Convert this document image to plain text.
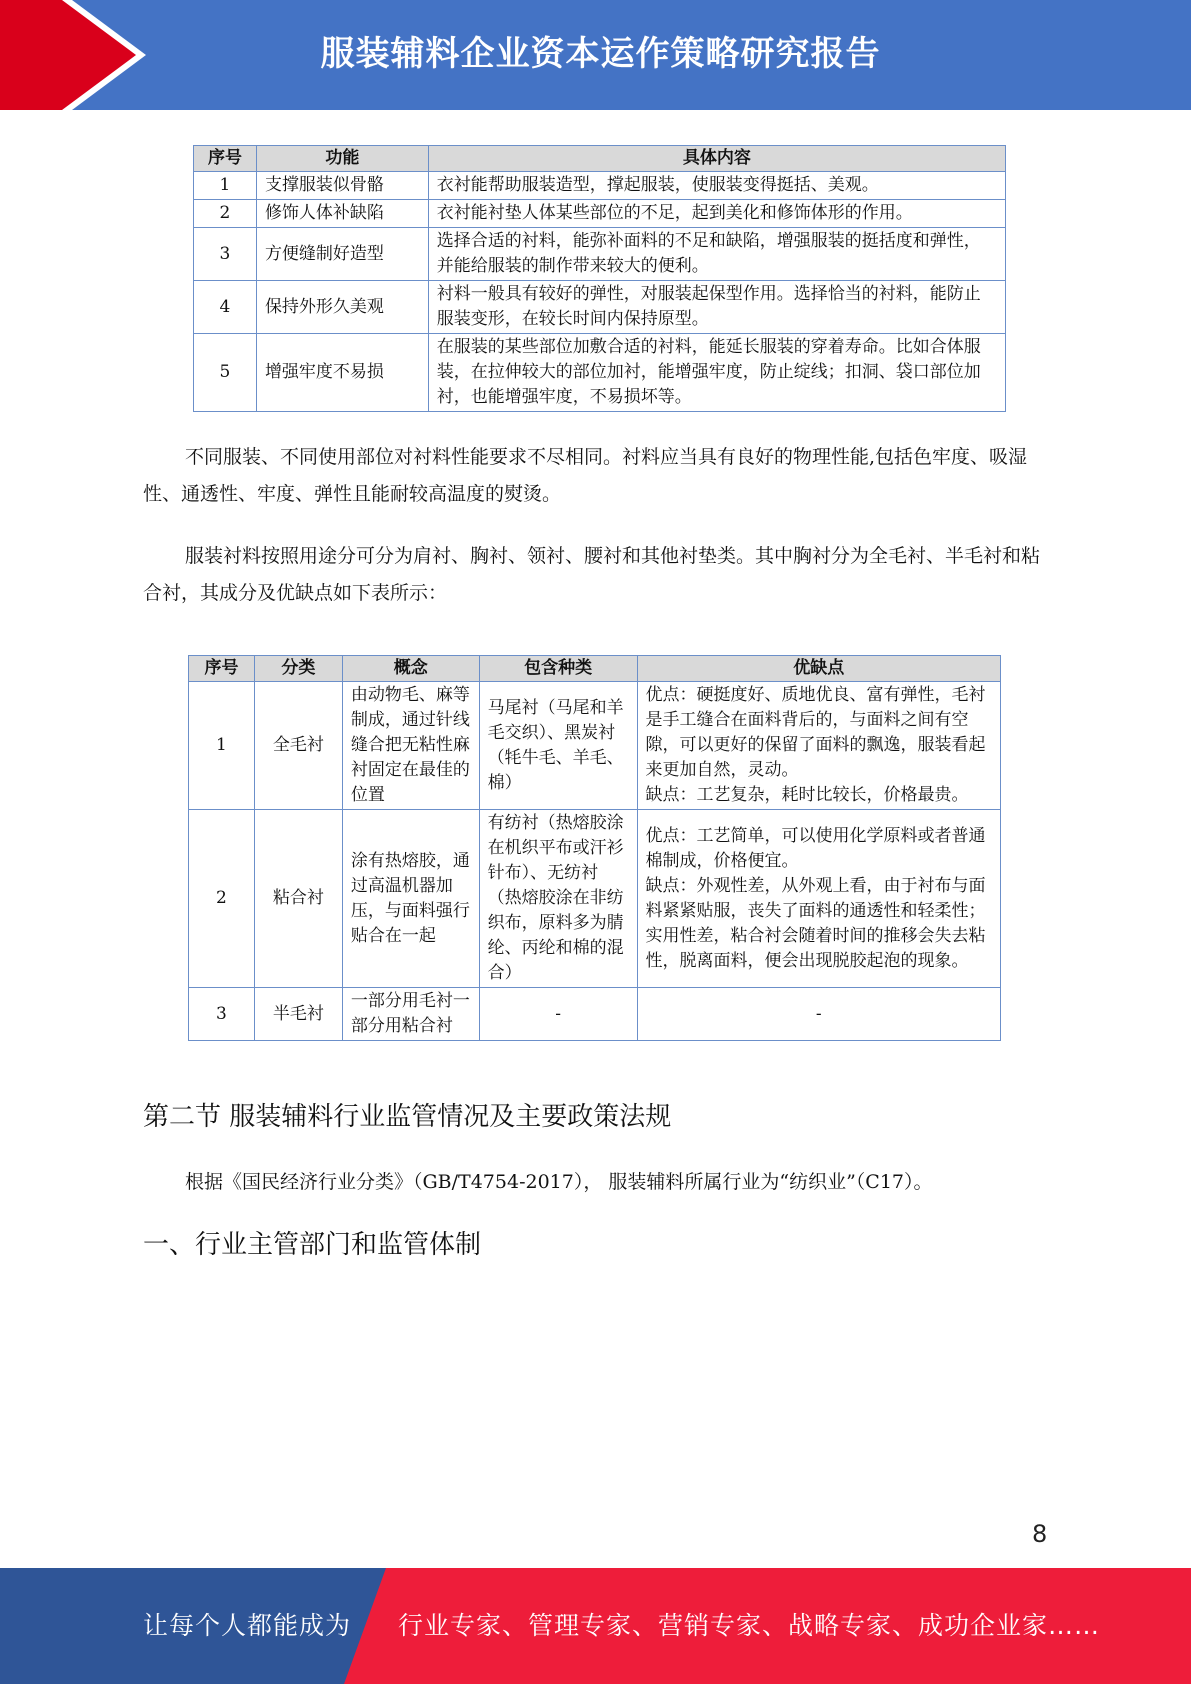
服装辅料企业资本运作策略研究报告
序号	功能	具体内容
1	支撑服装似骨骼	衣衬能帮助服装造型，撑起服装，使服装变得挺括、美观。
2	修饰人体补缺陷	衣衬能衬垫人体某些部位的不足，起到美化和修饰体形的作用。
3	方便缝制好造型	选择合适的衬料，能弥补面料的不足和缺陷，增强服装的挺括度和弹性，并能给服装的制作带来较大的便利。
4	保持外形久美观	衬料一般具有较好的弹性，对服装起保型作用。选择恰当的衬料，能防止服装变形，在较长时间内保持原型。
5	增强牢度不易损	在服装的某些部位加敷合适的衬料，能延长服装的穿着寿命。比如合体服装，在拉伸较大的部位加衬，能增强牢度，防止绽线；扣洞、袋口部位加衬，也能增强牢度，不易损坏等。
不同服装、不同使用部位对衬料性能要求不尽相同。衬料应当具有良好的物理性能,包括色牢度、吸湿性、通透性、牢度、弹性且能耐较高温度的熨烫。
服装衬料按照用途分可分为肩衬、胸衬、领衬、腰衬和其他衬垫类。其中胸衬分为全毛衬、半毛衬和粘合衬，其成分及优缺点如下表所示：
序号	分类	概念	包含种类	优缺点
1	全毛衬	由动物毛、麻等制成，通过针线缝合把无粘性麻衬固定在最佳的位置	马尾衬（马尾和羊毛交织）、黑炭衬（牦牛毛、羊毛、棉）	优点：硬挺度好、质地优良、富有弹性，毛衬是手工缝合在面料背后的，与面料之间有空隙，可以更好的保留了面料的飘逸，服装看起来更加自然，灵动。
缺点：工艺复杂，耗时比较长，价格最贵。

2	粘合衬	涂有热熔胶，通过高温机器加压，与面料强行贴合在一起	有纺衬（热熔胶涂在机织平布或汗衫针布）、无纺衬（热熔胶涂在非纺织布，原料多为腈纶、丙纶和棉的混合）	优点：工艺简单，可以使用化学原料或者普通棉制成，价格便宜。
缺点：外观性差，从外观上看，由于衬布与面料紧紧贴服，丧失了面料的通透性和轻柔性；实用性差，粘合衬会随着时间的推移会失去粘性，脱离面料，便会出现脱胶起泡的现象。

3	半毛衬	一部分用毛衬一部分用粘合衬	-	-
第二节 服装辅料行业监管情况及主要政策法规
根据《国民经济行业分类》（GB/T4754-2017）， 服装辅料所属行业为“纺织业”（C17）。
一、行业主管部门和监管体制
8
让每个人都能成为 行业专家、管理专家、营销专家、战略专家、成功企业家……
